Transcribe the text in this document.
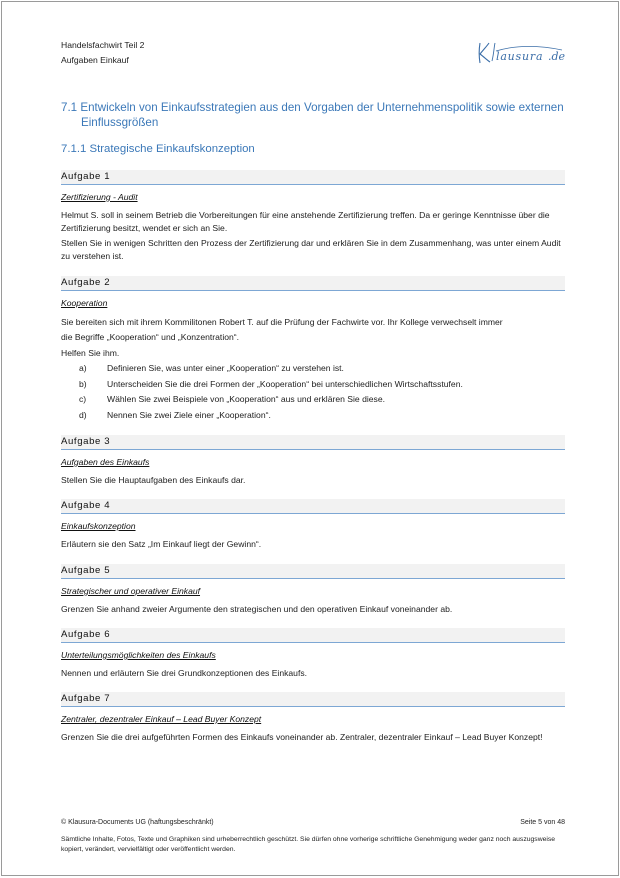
Handelsfachwirt Teil 2
Aufgaben Einkauf	lausura .de
7.1 Entwickeln von Einkaufsstrategien aus den Vorgaben der Unternehmenspolitik sowie externen
Einflussgrößen
7.1.1 Strategische Einkaufskonzeption
Aufgabe 1
Zertifizierung - Audit

Helmut S. soll in seinem Betrieb die Vorbereitungen für eine anstehende Zertifizierung treffen. Da er geringe Kenntnisse über die Zertifizierung besitzt, wendet er sich an Sie.

Stellen Sie in wenigen Schritten den Prozess der Zertifizierung dar und erklären Sie in dem Zusammenhang, was unter einem Audit zu verstehen ist.

Aufgabe 2
Kooperation

Sie bereiten sich mit ihrem Kommilitonen Robert T. auf die Prüfung der Fachwirte vor. Ihr Kollege verwechselt immer

die Begriffe „Kooperation“ und „Konzentration“.

Helfen Sie ihm.

a)	Definieren Sie, was unter einer „Kooperation“ zu verstehen ist.
b)	Unterscheiden Sie die drei Formen der „Kooperation“ bei unterschiedlichen Wirtschaftsstufen.
c)	Wählen Sie zwei Beispiele von „Kooperation“ aus und erklären Sie diese.
d)	Nennen Sie zwei Ziele einer „Kooperation“.
Aufgabe 3
Aufgaben des Einkaufs

Stellen Sie die Hauptaufgaben des Einkaufs dar.

Aufgabe 4
Einkaufskonzeption

Erläutern sie den Satz „Im Einkauf liegt der Gewinn“.

Aufgabe 5
Strategischer und operativer Einkauf

Grenzen Sie anhand zweier Argumente den strategischen und den operativen Einkauf voneinander ab.

Aufgabe 6
Unterteilungsmöglichkeiten des Einkaufs

Nennen und erläutern Sie drei Grundkonzeptionen des Einkaufs.

Aufgabe 7
Zentraler, dezentraler Einkauf – Lead Buyer Konzept

Grenzen Sie die drei aufgeführten Formen des Einkaufs voneinander ab. Zentraler, dezentraler Einkauf – Lead Buyer Konzept!

© Klausura-Documents UG (haftungsbeschränkt)	Seite 5 von 48
Sämtliche Inhalte, Fotos, Texte und Graphiken sind urheberrechtlich geschützt. Sie dürfen ohne vorherige schriftliche Genehmigung weder ganz noch auszugsweise kopiert, verändert, vervielfältigt oder veröffentlicht werden.
